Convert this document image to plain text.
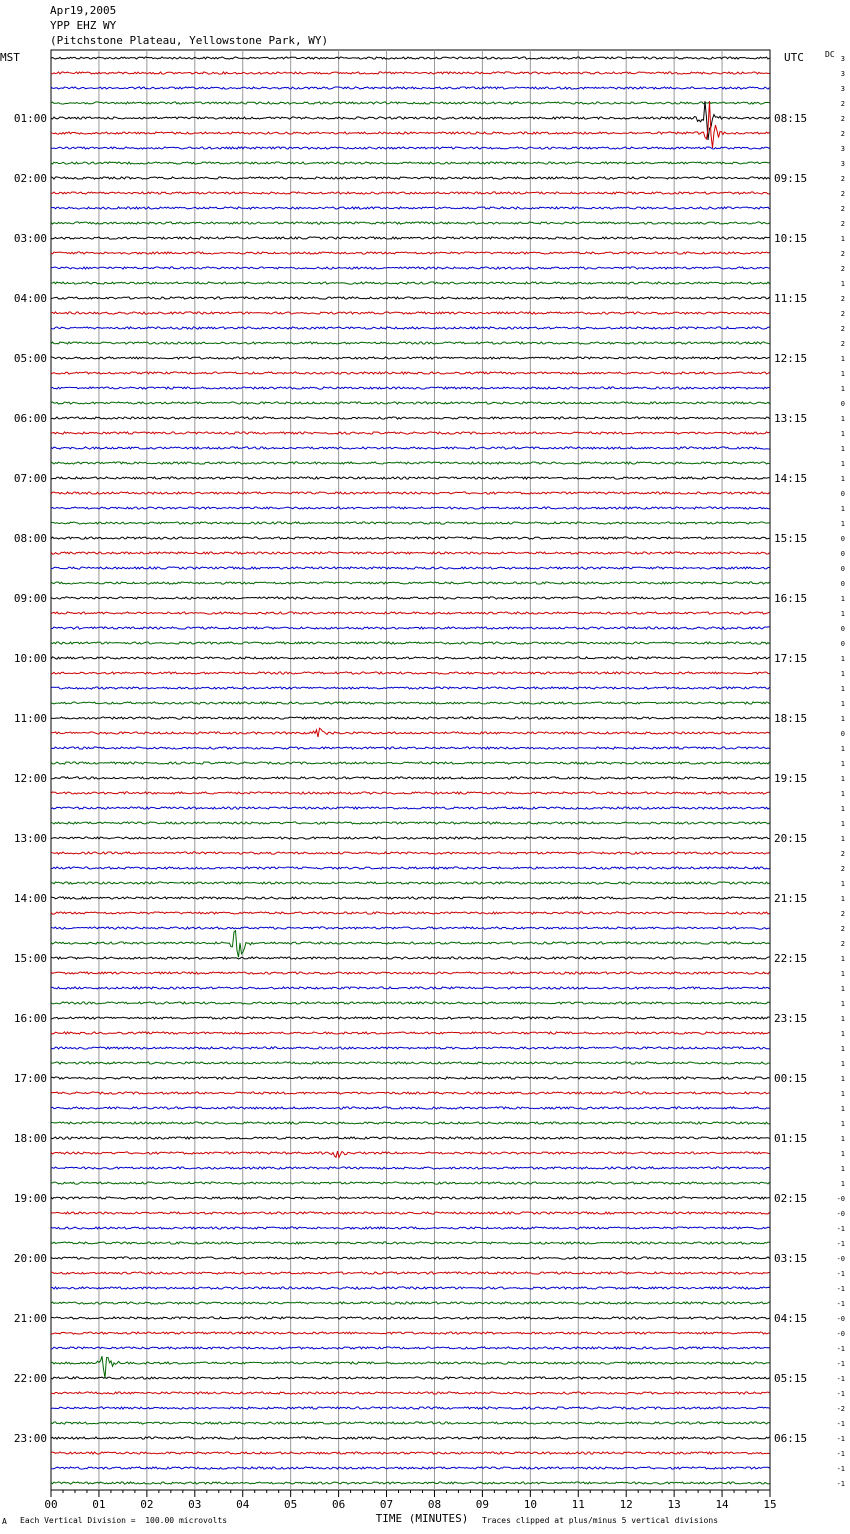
Apr19,2005
YPP EHZ WY
(Pitchstone Plateau, Yellowstone Park, WY)
MST	UTC	DC
01:00
02:00
03:00
04:00
05:00
06:00
07:00
08:00
09:00
10:00
11:00
12:00
13:00
14:00
15:00
16:00
17:00
18:00
19:00
20:00
21:00
22:00
23:00
08:15
09:15
10:15
11:15
12:15
13:15
14:15
15:15
16:15
17:15
18:15
19:15
20:15
21:15
22:15
23:15
00:15
01:15
02:15
03:15
04:15
05:15
06:15
3
3
3
2
2
2
3
3
2
2
2
2
1
2
2
1
2
2
2
2
1
1
1
0
1
1
1
1
1
0
1
1
0
0
0
0
1
1
0
0
1
1
1
1
1
0
1
1
1
1
1
1
1
2
2
1
1
2
2
2
1
1
1
1
1
1
1
1
1
1
1
1
1
1
1
1
-0
-0
-1
-1
-0
-1
-1
-1
-0
-0
-1
-1
-1
-1
-2
-1
-1
-1
-1
-1
00	01	02	03	04	05	06	07	08	09	10	11	12	13	14	15
TIME (MINUTES)
A Each Vertical Division =  100.00 microvolts	Traces clipped at plus/minus 5 vertical divisions
